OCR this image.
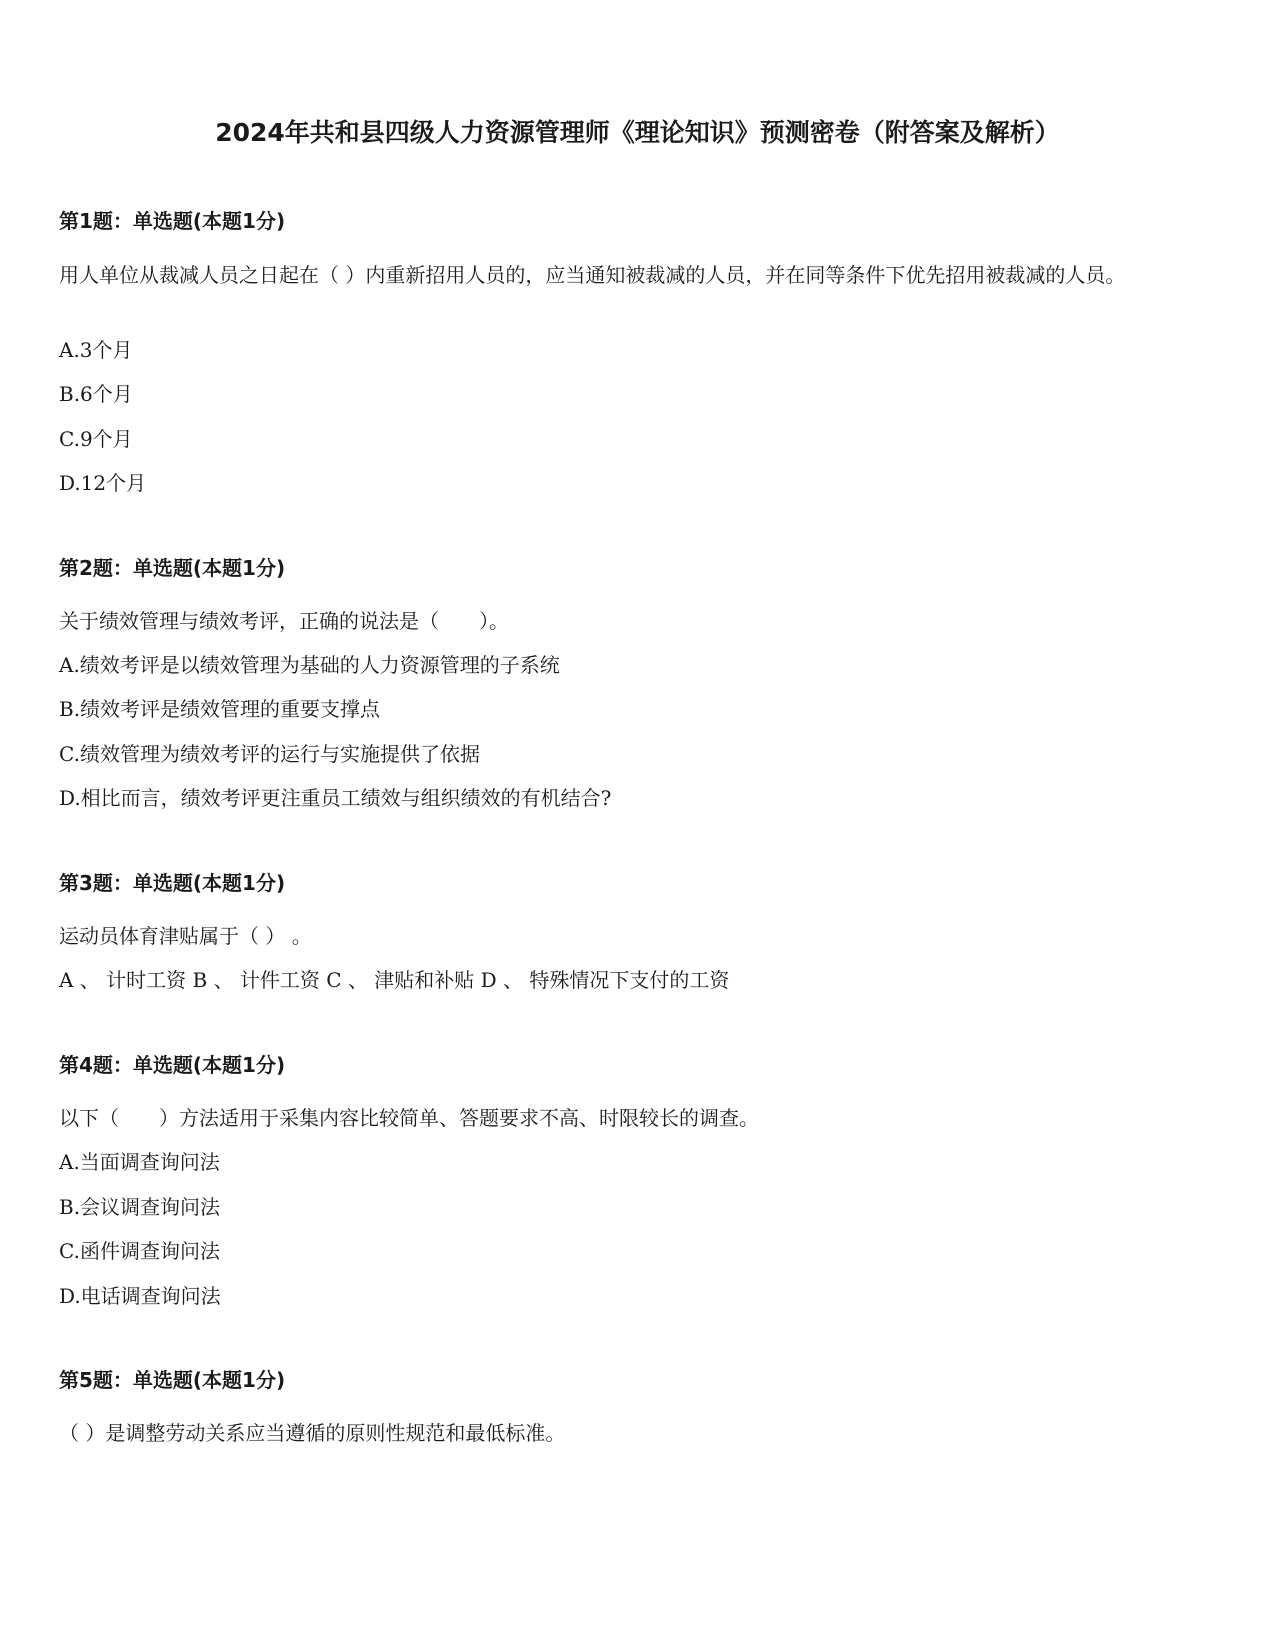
2024年共和县四级人力资源管理师《理论知识》预测密卷（附答案及解析）
第1题：单选题(本题1分)

用人单位从裁减人员之日起在（ ）内重新招用人员的，应当通知被裁减的人员，并在同等条件下优先招用被裁减的人员。

A.3个月

B.6个月

C.9个月

D.12个月

第2题：单选题(本题1分)

关于绩效管理与绩效考评，正确的说法是（　　）。

A.绩效考评是以绩效管理为基础的人力资源管理的子系统

B.绩效考评是绩效管理的重要支撑点

C.绩效管理为绩效考评的运行与实施提供了依据

D.相比而言，绩效考评更注重员工绩效与组织绩效的有机结合?

第3题：单选题(本题1分)

运动员体育津贴属于（ ） 。

A 、 计时工资 B 、 计件工资 C 、 津贴和补贴 D 、 特殊情况下支付的工资

第4题：单选题(本题1分)

以下（　　）方法适用于采集内容比较简单、答题要求不高、时限较长的调查。

A.当面调查询问法

B.会议调查询问法

C.函件调查询问法

D.电话调查询问法

第5题：单选题(本题1分)

（ ）是调整劳动关系应当遵循的原则性规范和最低标准。
